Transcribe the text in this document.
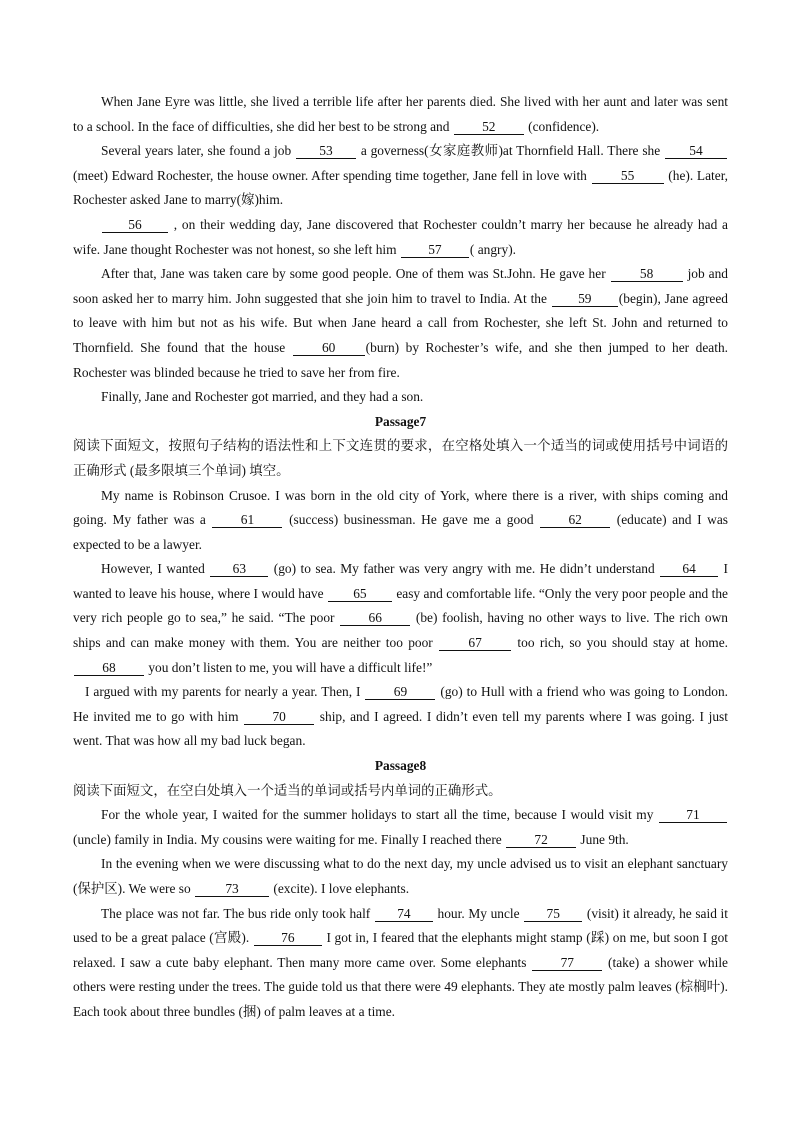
When Jane Eyre was little, she lived a terrible life after her parents died. She lived with her aunt and later was sent to a school. In the face of difficulties, she did her best to be strong and 52 (confidence).

Several years later, she found a job 53 a governess(女家庭教师)at Thornfield Hall. There she 54 (meet) Edward Rochester, the house owner. After spending time together, Jane fell in love with 55 (he). Later, Rochester asked Jane to marry(嫁)him.

56 , on their wedding day, Jane discovered that Rochester couldn’t marry her because he already had a wife. Jane thought Rochester was not honest, so she left him 57 ( angry).

After that, Jane was taken care by some good people. One of them was St.John. He gave her 58 job and soon asked her to marry him. John suggested that she join him to travel to India. At the 59 (begin), Jane agreed to leave with him but not as his wife. But when Jane heard a call from Rochester, she left St. John and returned to Thornfield. She found that the house 60 (burn) by Rochester’s wife, and she then jumped to her death. Rochester was blinded because he tried to save her from fire.

Finally, Jane and Rochester got married, and they had a son.

Passage7

阅读下面短文，按照句子结构的语法性和上下文连贯的要求，在空格处填入一个适当的词或使用括号中词语的正确形式 (最多限填三个单词) 填空。

My name is Robinson Crusoe. I was born in the old city of York, where there is a river, with ships coming and going. My father was a 61 (success) businessman. He gave me a good 62 (educate) and I was expected to be a lawyer.

However, I wanted 63 (go) to sea. My father was very angry with me. He didn’t understand 64 I wanted to leave his house, where I would have 65 easy and comfortable life. “Only the very poor people and the very rich people go to sea,” he said. “The poor 66 (be) foolish, having no other ways to live. The rich own ships and can make money with them. You are neither too poor 67 too rich, so you should stay at home. 68 you don’t listen to me, you will have a difficult life!”

I argued with my parents for nearly a year. Then, I 69 (go) to Hull with a friend who was going to London. He invited me to go with him 70 ship, and I agreed. I didn’t even tell my parents where I was going. I just went. That was how all my bad luck began.

Passage8

阅读下面短文，在空白处填入一个适当的单词或括号内单词的正确形式。

For the whole year, I waited for the summer holidays to start all the time, because I would visit my 71 (uncle) family in India. My cousins were waiting for me. Finally I reached there 72 June 9th.

In the evening when we were discussing what to do the next day, my uncle advised us to visit an elephant sanctuary (保护区). We were so 73 (excite). I love elephants.

The place was not far. The bus ride only took half 74 hour. My uncle 75 (visit) it already, he said it used to be a great palace (宫殿). 76 I got in, I feared that the elephants might stamp (踩) on me, but soon I got relaxed. I saw a cute baby elephant. Then many more came over. Some elephants 77 (take) a shower while others were resting under the trees. The guide told us that there were 49 elephants. They ate mostly palm leaves (棕榈叶). Each took about three bundles (捆) of palm leaves at a time.
